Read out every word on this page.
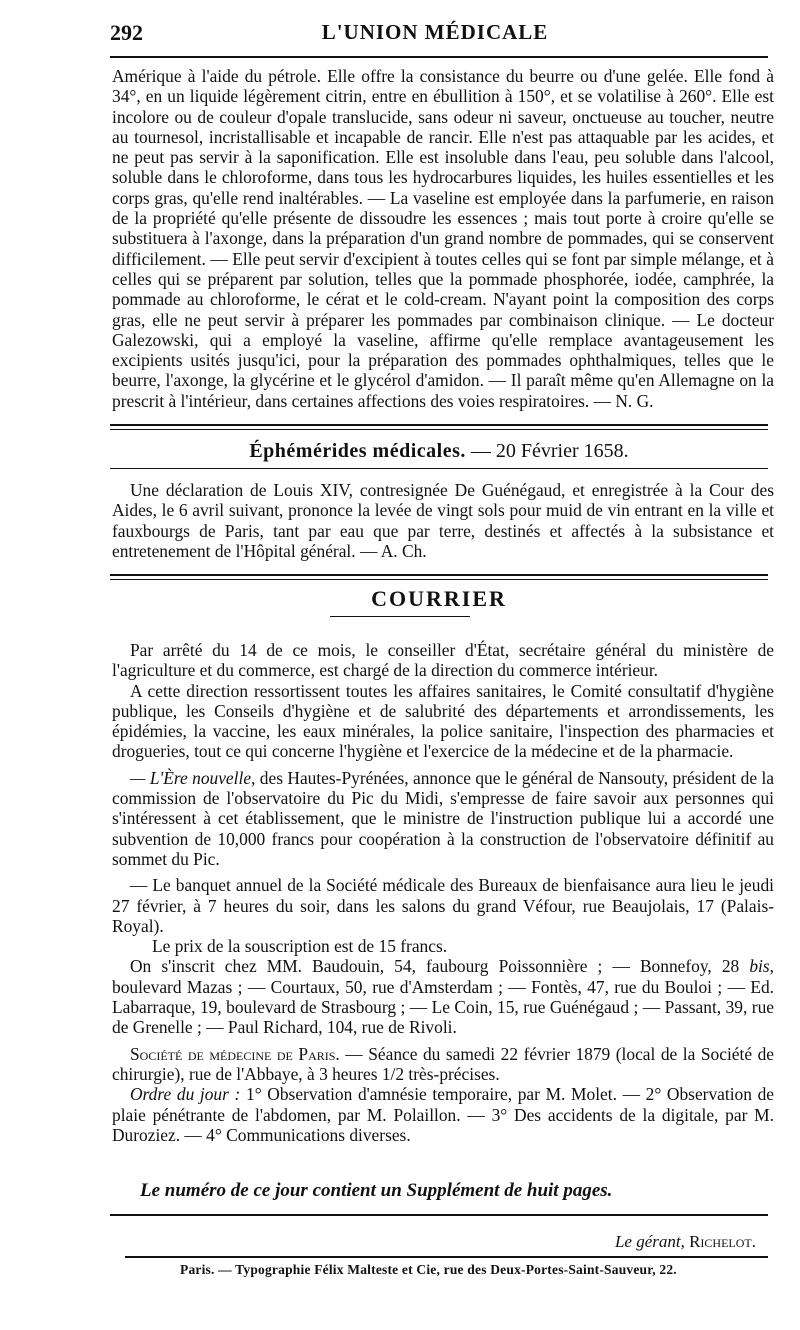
292	L'UNION MÉDICALE

Amérique à l'aide du pétrole. Elle offre la consistance du beurre ou d'une gelée. Elle fond à 34°, en un liquide légèrement citrin, entre en ébullition à 150°, et se volatilise à 260°. Elle est incolore ou de couleur d'opale translucide, sans odeur ni saveur, onctueuse au toucher, neutre au tournesol, incristallisable et incapable de rancir. Elle n'est pas attaquable par les acides, et ne peut pas servir à la saponification. Elle est insoluble dans l'eau, peu soluble dans l'alcool, soluble dans le chloroforme, dans tous les hydrocarbures liquides, les huiles essentielles et les corps gras, qu'elle rend inaltérables. — La vaseline est employée dans la parfumerie, en raison de la propriété qu'elle présente de dissoudre les essences ; mais tout porte à croire qu'elle se substituera à l'axonge, dans la préparation d'un grand nombre de pommades, qui se conservent difficilement. — Elle peut servir d'excipient à toutes celles qui se font par simple mélange, et à celles qui se préparent par solution, telles que la pommade phosphorée, iodée, camphrée, la pommade au chloroforme, le cérat et le cold-cream. N'ayant point la composition des corps gras, elle ne peut servir à préparer les pommades par combinaison clinique. — Le docteur Galezowski, qui a employé la vaseline, affirme qu'elle remplace avantageusement les excipients usités jusqu'ici, pour la préparation des pommades ophthalmiques, telles que le beurre, l'axonge, la glycérine et le glycérol d'amidon. — Il paraît même qu'en Allemagne on la prescrit à l'intérieur, dans certaines affections des voies respiratoires. — N. G.

Éphémérides médicales. — 20 Février 1658.

Une déclaration de Louis XIV, contresignée De Guénégaud, et enregistrée à la Cour des Aides, le 6 avril suivant, prononce la levée de vingt sols pour muid de vin entrant en la ville et fauxbourgs de Paris, tant par eau que par terre, destinés et affectés à la subsistance et entretenement de l'Hôpital général. — A. Ch.

COURRIER

Par arrêté du 14 de ce mois, le conseiller d'État, secrétaire général du ministère de l'agriculture et du commerce, est chargé de la direction du commerce intérieur.

A cette direction ressortissent toutes les affaires sanitaires, le Comité consultatif d'hygiène publique, les Conseils d'hygiène et de salubrité des départements et arrondissements, les épidémies, la vaccine, les eaux minérales, la police sanitaire, l'inspection des pharmacies et drogueries, tout ce qui concerne l'hygiène et l'exercice de la médecine et de la pharmacie.

— L'Ère nouvelle, des Hautes-Pyrénées, annonce que le général de Nansouty, président de la commission de l'observatoire du Pic du Midi, s'empresse de faire savoir aux personnes qui s'intéressent à cet établissement, que le ministre de l'instruction publique lui a accordé une subvention de 10,000 francs pour coopération à la construction de l'observatoire définitif au sommet du Pic.

— Le banquet annuel de la Société médicale des Bureaux de bienfaisance aura lieu le jeudi 27 février, à 7 heures du soir, dans les salons du grand Véfour, rue Beaujolais, 17 (Palais-Royal).

Le prix de la souscription est de 15 francs.

On s'inscrit chez MM. Baudouin, 54, faubourg Poissonnière ; — Bonnefoy, 28 bis, boulevard Mazas ; — Courtaux, 50, rue d'Amsterdam ; — Fontès, 47, rue du Bouloi ; — Ed. Labarraque, 19, boulevard de Strasbourg ; — Le Coin, 15, rue Guénégaud ; — Passant, 39, rue de Grenelle ; — Paul Richard, 104, rue de Rivoli.

Société de médecine de Paris. — Séance du samedi 22 février 1879 (local de la Société de chirurgie), rue de l'Abbaye, à 3 heures 1/2 très-précises.

Ordre du jour : 1° Observation d'amnésie temporaire, par M. Molet. — 2° Observation de plaie pénétrante de l'abdomen, par M. Polaillon. — 3° Des accidents de la digitale, par M. Duroziez. — 4° Communications diverses.

Le numéro de ce jour contient un Supplément de huit pages.
Le gérant, Richelot.
Paris. — Typographie Félix Malteste et Cie, rue des Deux-Portes-Saint-Sauveur, 22.
